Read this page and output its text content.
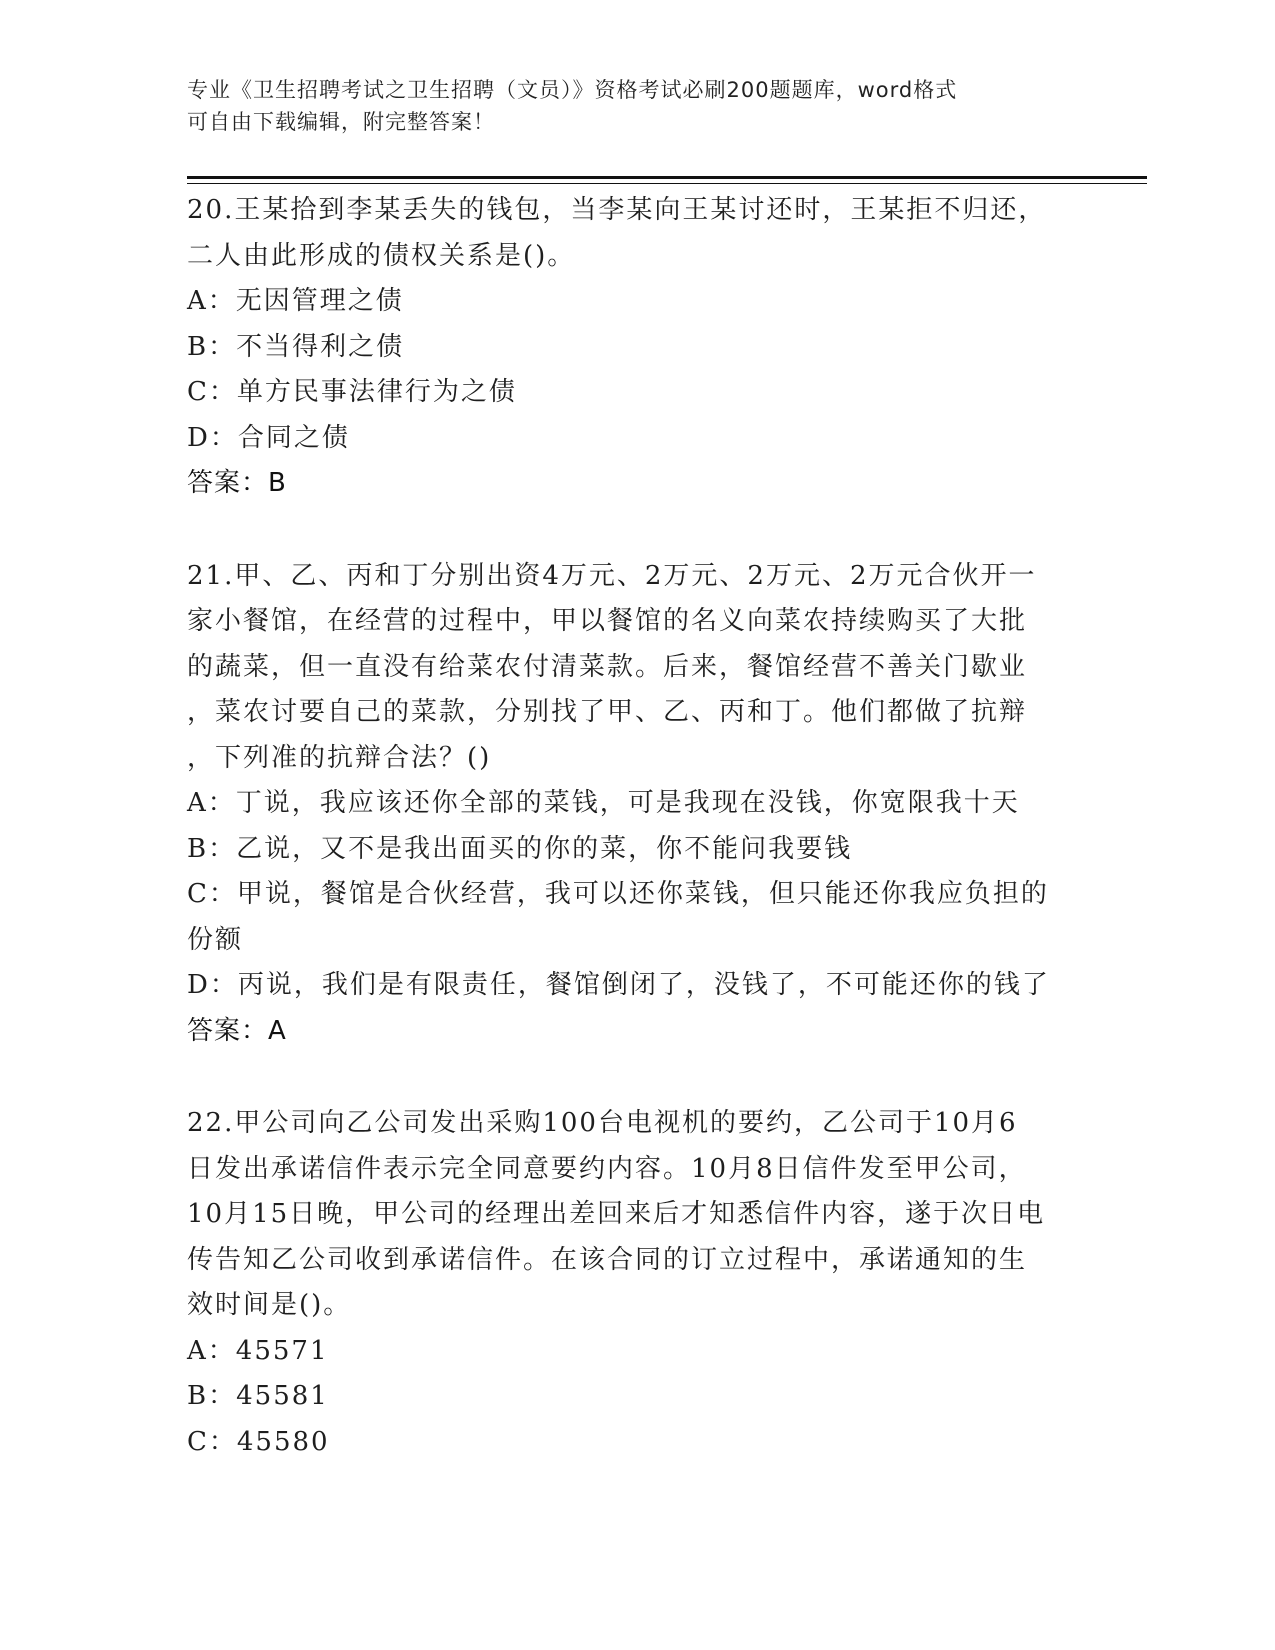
专业《卫生招聘考试之卫生招聘（文员）》资格考试必刷200题题库，word格式
可自由下载编辑，附完整答案！
20.王某拾到李某丢失的钱包，当李某向王某讨还时，王某拒不归还，
二人由此形成的债权关系是()。
A：无因管理之债
B：不当得利之债
C：单方民事法律行为之债
D：合同之债
答案：B
21.甲、乙、丙和丁分别出资4万元、2万元、2万元、2万元合伙开一
家小餐馆，在经营的过程中，甲以餐馆的名义向菜农持续购买了大批
的蔬菜，但一直没有给菜农付清菜款。后来，餐馆经营不善关门歇业
，菜农讨要自己的菜款，分别找了甲、乙、丙和丁。他们都做了抗辩
，下列准的抗辩合法？()
A：丁说，我应该还你全部的菜钱，可是我现在没钱，你宽限我十天
B：乙说，又不是我出面买的你的菜，你不能问我要钱
C：甲说，餐馆是合伙经营，我可以还你菜钱，但只能还你我应负担的
份额
D：丙说，我们是有限责任，餐馆倒闭了，没钱了，不可能还你的钱了
答案：A
22.甲公司向乙公司发出采购100台电视机的要约，乙公司于10月6
日发出承诺信件表示完全同意要约内容。10月8日信件发至甲公司，
10月15日晚，甲公司的经理出差回来后才知悉信件内容，遂于次日电
传告知乙公司收到承诺信件。在该合同的订立过程中，承诺通知的生
效时间是()。
A：45571
B：45581
C：45580
